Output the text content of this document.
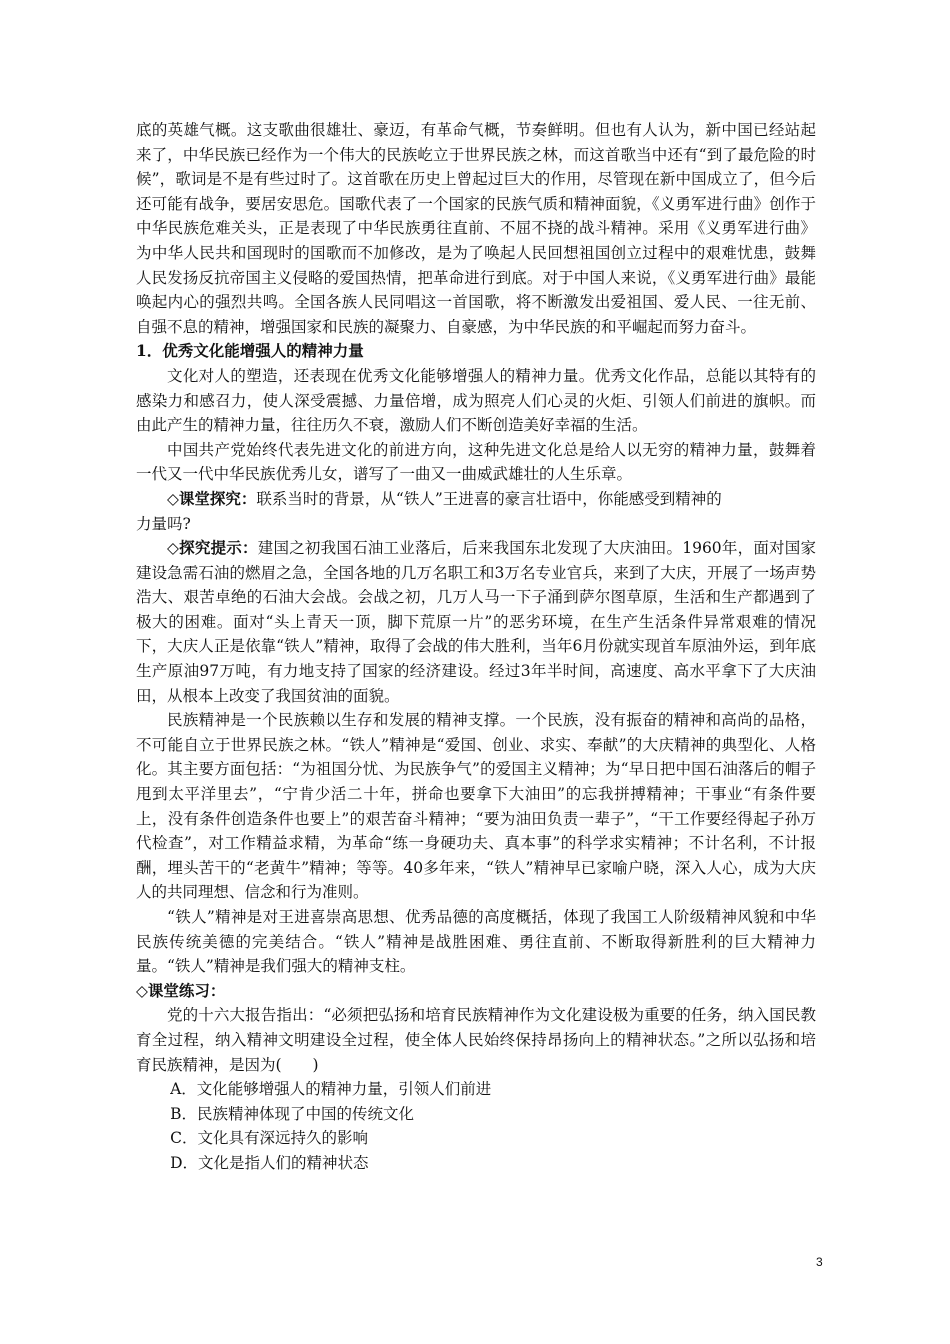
底的英雄气概。这支歌曲很雄壮、豪迈，有革命气概，节奏鲜明。但也有人认为，新中国已经站起来了，中华民族已经作为一个伟大的民族屹立于世界民族之林，而这首歌当中还有“到了最危险的时候”，歌词是不是有些过时了。这首歌在历史上曾起过巨大的作用，尽管现在新中国成立了，但今后还可能有战争，要居安思危。国歌代表了一个国家的民族气质和精神面貌，《义勇军进行曲》创作于中华民族危难关头，正是表现了中华民族勇往直前、不屈不挠的战斗精神。采用《义勇军进行曲》为中华人民共和国现时的国歌而不加修改，是为了唤起人民回想祖国创立过程中的艰难忧患，鼓舞人民发扬反抗帝国主义侵略的爱国热情，把革命进行到底。对于中国人来说，《义勇军进行曲》最能唤起内心的强烈共鸣。全国各族人民同唱这一首国歌，将不断激发出爱祖国、爱人民、一往无前、自强不息的精神，增强国家和民族的凝聚力、自豪感，为中华民族的和平崛起而努力奋斗。

1．优秀文化能增强人的精神力量

文化对人的塑造，还表现在优秀文化能够增强人的精神力量。优秀文化作品，总能以其特有的感染力和感召力，使人深受震撼、力量倍增，成为照亮人们心灵的火炬、引领人们前进的旗帜。而由此产生的精神力量，往往历久不衰，激励人们不断创造美好幸福的生活。

中国共产党始终代表先进文化的前进方向，这种先进文化总是给人以无穷的精神力量，鼓舞着一代又一代中华民族优秀儿女，谱写了一曲又一曲威武雄壮的人生乐章。

◇课堂探究：联系当时的背景，从“铁人”王进喜的豪言壮语中，你能感受到精神的

力量吗?

◇探究提示：建国之初我国石油工业落后，后来我国东北发现了大庆油田。1960年，面对国家建设急需石油的燃眉之急，全国各地的几万名职工和3万名专业官兵，来到了大庆，开展了一场声势浩大、艰苦卓绝的石油大会战。会战之初，几万人马一下子涌到萨尔图草原，生活和生产都遇到了极大的困难。面对“头上青天一顶，脚下荒原一片”的恶劣环境，在生产生活条件异常艰难的情况下，大庆人正是依靠“铁人”精神，取得了会战的伟大胜利，当年6月份就实现首车原油外运，到年底生产原油97万吨，有力地支持了国家的经济建设。经过3年半时间，高速度、高水平拿下了大庆油田，从根本上改变了我国贫油的面貌。

民族精神是一个民族赖以生存和发展的精神支撑。一个民族，没有振奋的精神和高尚的品格，不可能自立于世界民族之林。“铁人”精神是“爱国、创业、求实、奉献”的大庆精神的典型化、人格化。其主要方面包括：“为祖国分忧、为民族争气”的爱国主义精神；为“早日把中国石油落后的帽子甩到太平洋里去”，“宁肯少活二十年，拼命也要拿下大油田”的忘我拼搏精神；干事业“有条件要上，没有条件创造条件也要上”的艰苦奋斗精神；“要为油田负责一辈子”，“干工作要经得起子孙万代检查”，对工作精益求精，为革命“练一身硬功夫、真本事”的科学求实精神；不计名利，不计报酬，埋头苦干的“老黄牛”精神；等等。40多年来，“铁人”精神早已家喻户晓，深入人心，成为大庆人的共同理想、信念和行为准则。

“铁人”精神是对王进喜崇高思想、优秀品德的高度概括，体现了我国工人阶级精神风貌和中华民族传统美德的完美结合。“铁人”精神是战胜困难、勇往直前、不断取得新胜利的巨大精神力量。“铁人”精神是我们强大的精神支柱。

◇课堂练习：

党的十六大报告指出：“必须把弘扬和培育民族精神作为文化建设极为重要的任务，纳入国民教育全过程，纳入精神文明建设全过程，使全体人民始终保持昂扬向上的精神状态。”之所以弘扬和培育民族精神，是因为(　　)

A．文化能够增强人的精神力量，引领人们前进

B．民族精神体现了中国的传统文化

C．文化具有深远持久的影响

D．文化是指人们的精神状态

3
